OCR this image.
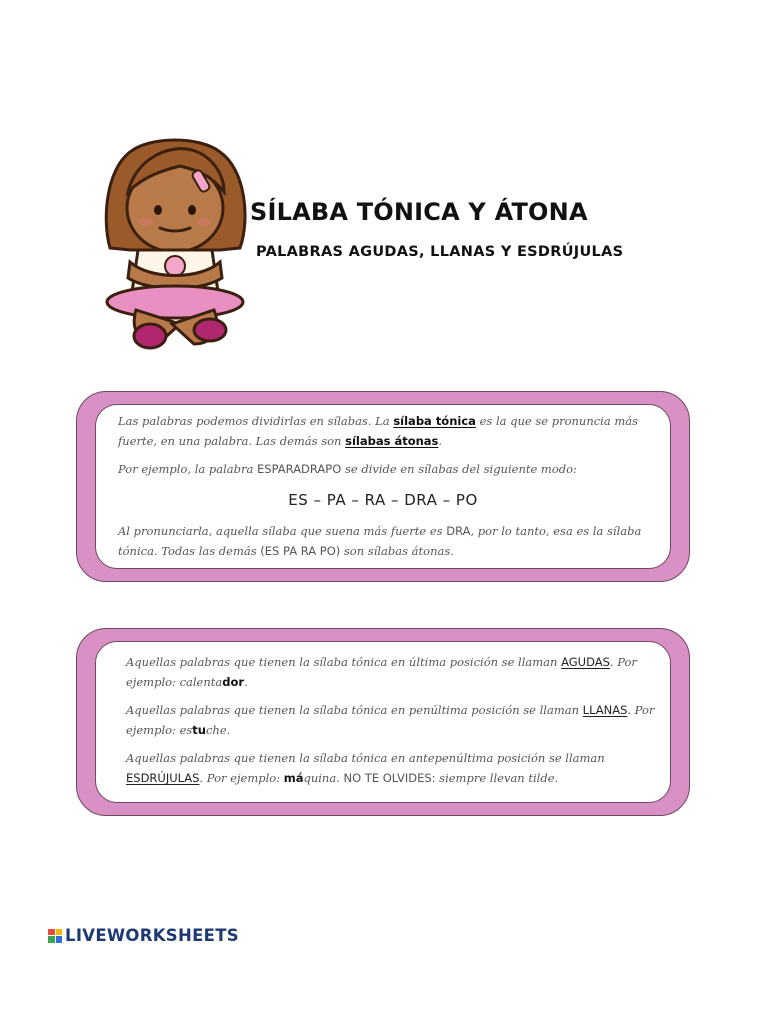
SÍLABA TÓNICA Y ÁTONA
PALABRAS AGUDAS, LLANAS Y ESDRÚJULAS

Las palabras podemos dividirlas en sílabas. La sílaba tónica es la que se pronuncia más fuerte, en una palabra. Las demás son sílabas átonas.

Por ejemplo, la palabra ESPARADRAPO se divide en sílabas del siguiente modo:

ES – PA – RA – DRA – PO

Al pronunciarla, aquella sílaba que suena más fuerte es DRA, por lo tanto, esa es la sílaba tónica. Todas las demás (ES PA RA PO) son sílabas átonas.

Aquellas palabras que tienen la sílaba tónica en última posición se llaman AGUDAS. Por ejemplo: calentador.

Aquellas palabras que tienen la sílaba tónica en penúltima posición se llaman LLANAS. Por ejemplo: estuche.

Aquellas palabras que tienen la sílaba tónica en antepenúltima posición se llaman ESDRÚJULAS. Por ejemplo: máquina. NO TE OLVIDES: siempre llevan tilde.

LIVEWORKSHEETS
